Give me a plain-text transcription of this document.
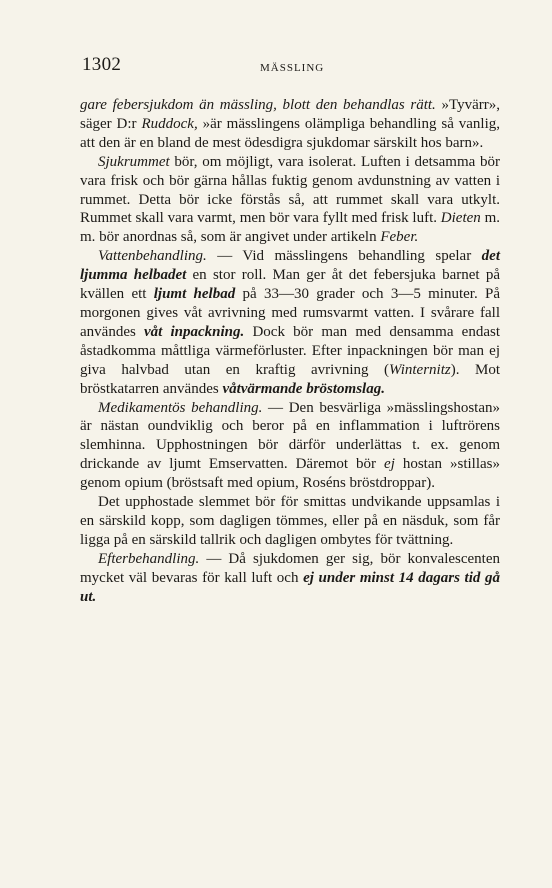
1302	MÄSSLING

gare febersjukdom än mässling, blott den behandlas rätt. »Tyvärr», säger D:r Ruddock, »är mässlingens olämpliga behandling så vanlig, att den är en bland de mest ödesdigra sjukdomar särskilt hos barn».

Sjukrummet bör, om möjligt, vara isolerat. Luften i detsamma bör vara frisk och bör gärna hållas fuktig genom avdunstning av vatten i rummet. Detta bör icke förstås så, att rummet skall vara utkylt. Rummet skall vara varmt, men bör vara fyllt med frisk luft. Dieten m. m. bör anordnas så, som är angivet under artikeln Feber.

Vattenbehandling. — Vid mässlingens behandling spelar det ljumma helbadet en stor roll. Man ger åt det febersjuka barnet på kvällen ett ljumt helbad på 33—30 grader och 3—5 minuter. På morgonen gives våt avrivning med rumsvarmt vatten. I svårare fall användes våt inpackning. Dock bör man med densamma endast åstadkomma måttliga värmeförluster. Efter inpackningen bör man ej giva halvbad utan en kraftig avrivning (Winternitz). Mot bröstkatarren användes våtvärmande bröstomslag.

Medikamentös behandling. — Den besvärliga »mässlingshostan» är nästan oundviklig och beror på en inflammation i luftrörens slemhinna. Upphostningen bör därför underlättas t. ex. genom drickande av ljumt Emservatten. Däremot bör ej hostan »stillas» genom opium (bröstsaft med opium, Roséns bröstdroppar).

Det upphostade slemmet bör för smittas undvikande uppsamlas i en särskild kopp, som dagligen tömmes, eller på en näsduk, som får ligga på en särskild tallrik och dagligen ombytes för tvättning.

Efterbehandling. — Då sjukdomen ger sig, bör konvalescenten mycket väl bevaras för kall luft och ej under minst 14 dagars tid gå ut.
